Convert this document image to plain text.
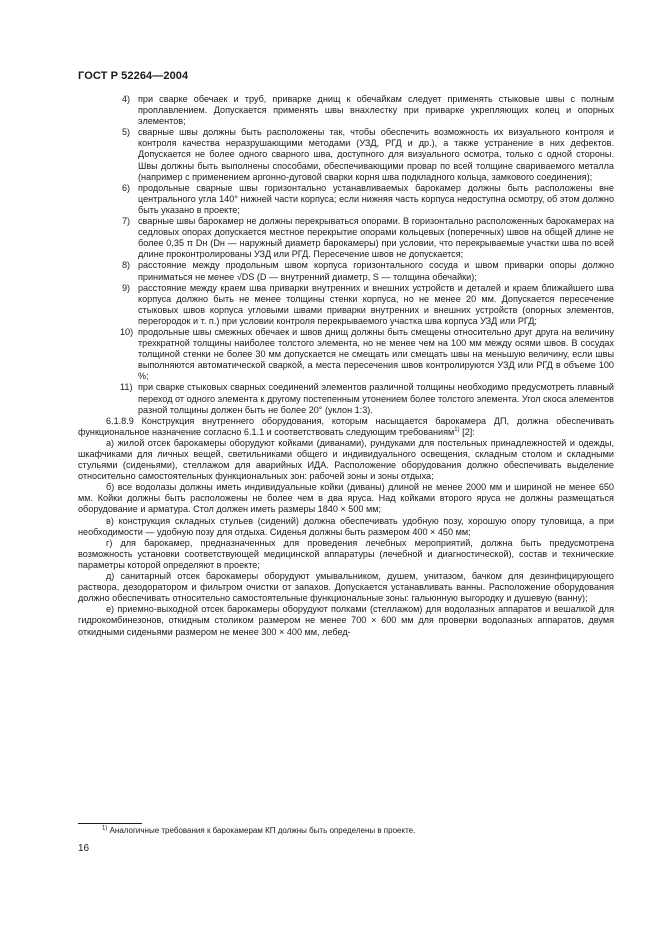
ГОСТ Р 52264—2004
4) при сварке обечаек и труб, приварке днищ к обечайкам следует применять стыковые швы с полным проплавлением. Допускается применять швы внахлестку при приварке укрепляющих колец и опорных элементов;
5) сварные швы должны быть расположены так, чтобы обеспечить возможность их визуального контроля и контроля качества неразрушающими методами (УЗД, РГД и др.), а также устранение в них дефектов. Допускается не более одного сварного шва, доступного для визуального осмотра, только с одной стороны. Швы должны быть выполнены способами, обеспечивающими провар по всей толщине свариваемого металла (например с применением аргонно-дуговой сварки корня шва подкладного кольца, замкового соединения);
6) продольные сварные швы горизонтально устанавливаемых барокамер должны быть расположены вне центрального угла 140° нижней части корпуса; если нижняя часть корпуса недоступна осмотру, об этом должно быть указано в проекте;
7) сварные швы барокамер не должны перекрываться опорами. В горизонтально расположенных барокамерах на седловых опорах допускается местное перекрытие опорами кольцевых (поперечных) швов на общей длине не более 0,35 π Dн (Dн — наружный диаметр барокамеры) при условии, что перекрываемые участки шва по всей длине проконтролированы УЗД или РГД. Пересечение швов не допускается;
8) расстояние между продольным швом корпуса горизонтального сосуда и швом приварки опоры должно приниматься не менее √DS (D — внутренний диаметр, S — толщина обечайки);
9) расстояние между краем шва приварки внутренних и внешних устройств и деталей и краем ближайшего шва корпуса должно быть не менее толщины стенки корпуса, но не менее 20 мм. Допускается пересечение стыковых швов корпуса угловыми швами приварки внутренних и внешних устройств (опорных элементов, перегородок и т. п.) при условии контроля перекрываемого участка шва корпуса УЗД или РГД;
10) продольные швы смежных обечаек и швов днищ должны быть смещены относительно друг друга на величину трехкратной толщины наиболее толстого элемента, но не менее чем на 100 мм между осями швов. В сосудах толщиной стенки не более 30 мм допускается не смещать или смещать швы на меньшую величину, если швы выполняются автоматической сваркой, а места пересечения швов контролируются УЗД или РГД в объеме 100 %;
11) при сварке стыковых сварных соединений элементов различной толщины необходимо предусмотреть плавный переход от одного элемента к другому постепенным утонением более толстого элемента. Угол скоса элементов разной толщины должен быть не более 20° (уклон 1:3).
6.1.8.9 Конструкция внутреннего оборудования, которым насыщается барокамера ДП, должна обеспечивать функциональное назначение согласно 6.1.1 и соответствовать следующим требованиям$^{1)}$ [2]:
а) жилой отсек барокамеры оборудуют койками (диванами), рундуками для постельных принадлежностей и одежды, шкафчиками для личных вещей, светильниками общего и индивидуального освещения, складным столом и складными стульями (сиденьями), стеллажом для аварийных ИДА. Расположение оборудования должно обеспечивать выделение относительно самостоятельных функциональных зон: рабочей зоны и зоны отдыха;
б) все водолазы должны иметь индивидуальные койки (диваны) длиной не менее 2000 мм и шириной не менее 650 мм. Койки должны быть расположены не более чем в два яруса. Над койками второго яруса не должны размещаться оборудование и арматура. Стол должен иметь размеры 1840 × 500 мм;
в) конструкция складных стульев (сидений) должна обеспечивать удобную позу, хорошую опору туловища, а при необходимости — удобную позу для отдыха. Сиденья должны быть размером 400 × 450 мм;
г) для барокамер, предназначенных для проведения лечебных мероприятий, должна быть предусмотрена возможность установки соответствующей медицинской аппаратуры (лечебной и диагностической), состав и технические параметры которой определяют в проекте;
д) санитарный отсек барокамеры оборудуют умывальником, душем, унитазом, бачком для дезинфицирующего раствора, дезодоратором и фильтром очистки от запахов. Допускается устанавливать ванны. Расположение оборудования должно обеспечивать относительно самостоятельные функциональные зоны: гальюнную выгородку и душевую (ванну);
е) приемно-выходной отсек барокамеры оборудуют полками (стеллажом) для водолазных аппаратов и вешалкой для гидрокомбинезонов, откидным столиком размером не менее 700 × 600 мм для проверки водолазных аппаратов, двумя откидными сиденьями размером не менее 300 × 400 мм, лебед-
$^{1)}$ Аналогичные требования к барокамерам КП должны быть определены в проекте.
16
